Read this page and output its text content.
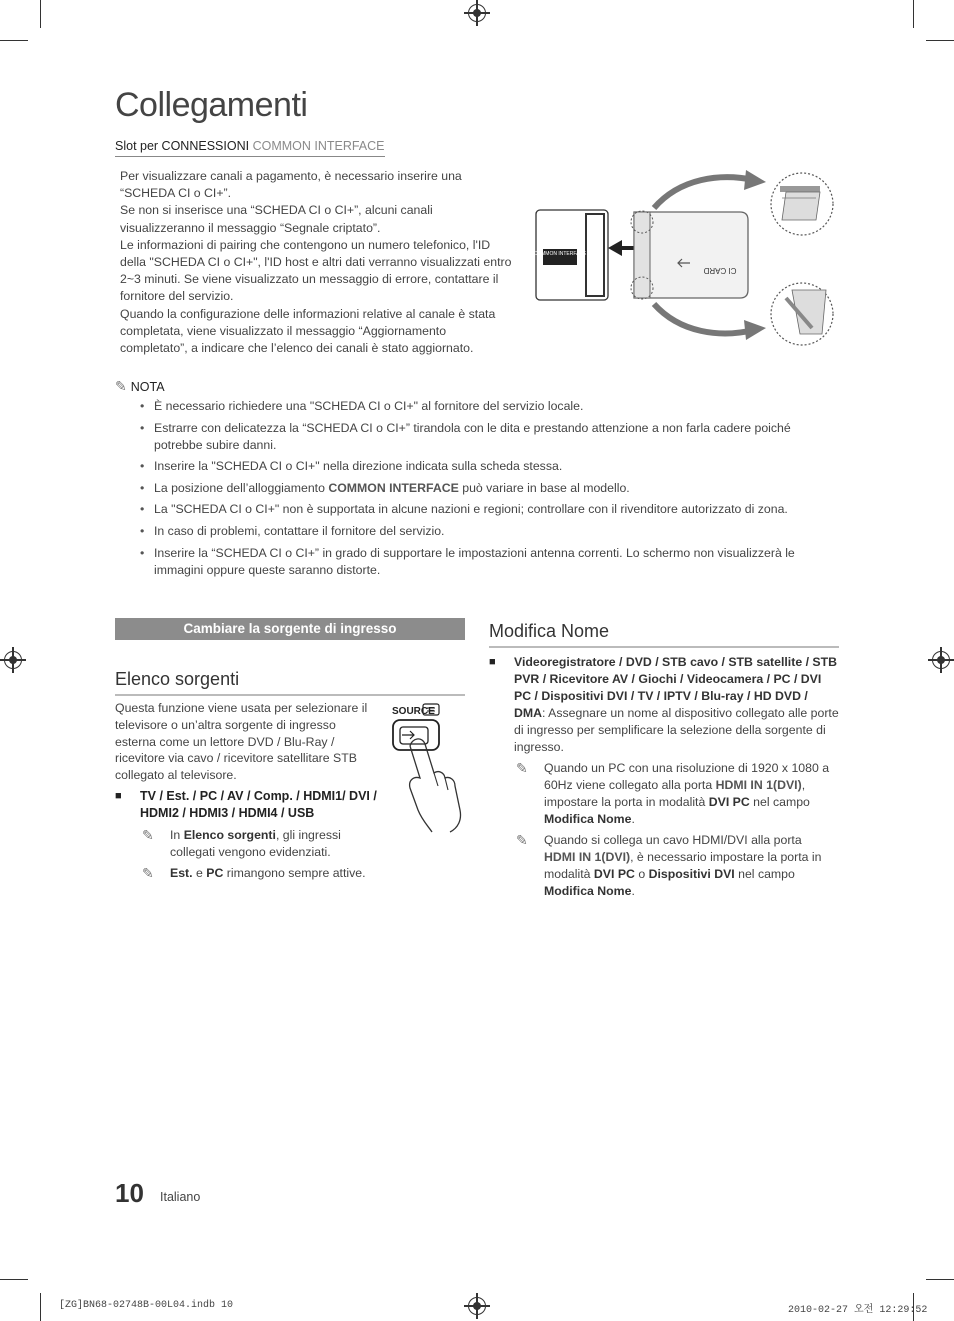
Collegamenti
Slot per CONNESSIONI COMMON INTERFACE

Per visualizzare canali a pagamento, è necessario inserire una “SCHEDA CI o CI+”.

Se non si inserisce una “SCHEDA CI o CI+”, alcuni canali visualizzeranno il messaggio “Segnale criptato”.

Le informazioni di pairing che contengono un numero telefonico, l'ID della "SCHEDA CI o CI+", l'ID host e altri dati verranno visualizzati entro 2~3 minuti. Se viene visualizzato un messaggio di errore, contattare il fornitore del servizio.

Quando la configurazione delle informazioni relative al canale è stata completata, viene visualizzato il messaggio “Aggiornamento completato”, a indicare che l’elenco dei canali è stato aggiornato.

COMMON INTERFACE
CI CARD
✎ NOTA
• È necessario richiedere una "SCHEDA CI o CI+" al fornitore del servizio locale.
• Estrarre con delicatezza la “SCHEDA CI o CI+” tirandola con le dita e prestando attenzione a non farla cadere poiché potrebbe subire danni.
• Inserire la "SCHEDA CI o CI+" nella direzione indicata sulla scheda stessa.
• La posizione dell’alloggiamento COMMON INTERFACE può variare in base al modello.
• La "SCHEDA CI o CI+" non è supportata in alcune nazioni e regioni; controllare con il rivenditore autorizzato di zona.
• In caso di problemi, contattare il fornitore del servizio.
• Inserire la “SCHEDA CI o CI+” in grado di supportare le impostazioni antenna correnti. Lo schermo non visualizzerà le immagini oppure queste saranno distorte.
Cambiare la sorgente di ingresso
Elenco sorgenti
Questa funzione viene usata per selezionare il televisore o un’altra sorgente di ingresso esterna come un lettore DVD / Blu-Ray / ricevitore via cavo / ricevitore satellitare STB collegato al televisore.
SOURCE
■ TV / Est. / PC / AV / Comp. / HDMI1/ DVI / HDMI2 / HDMI3 / HDMI4 / USB
✎ In Elenco sorgenti, gli ingressi collegati vengono evidenziati.
✎ Est. e PC rimangono sempre attive.
Modifica Nome
■ Videoregistratore / DVD / STB cavo / STB satellite / STB PVR / Ricevitore AV / Giochi / Videocamera / PC / DVI PC / Dispositivi DVI / TV / IPTV / Blu-ray / HD DVD / DMA: Assegnare un nome al dispositivo collegato alle porte di ingresso per semplificare la selezione della sorgente di ingresso.
✎ Quando un PC con una risoluzione di 1920 x 1080 a 60Hz viene collegato alla porta HDMI IN 1(DVI), impostare la porta in modalità DVI PC nel campo Modifica Nome.
✎ Quando si collega un cavo HDMI/DVI alla porta HDMI IN 1(DVI), è necessario impostare la porta in modalità DVI PC o Dispositivi DVI nel campo Modifica Nome.
10 Italiano
[ZG]BN68-02748B-00L04.indb 10	2010-02-27 오전 12:29:52
